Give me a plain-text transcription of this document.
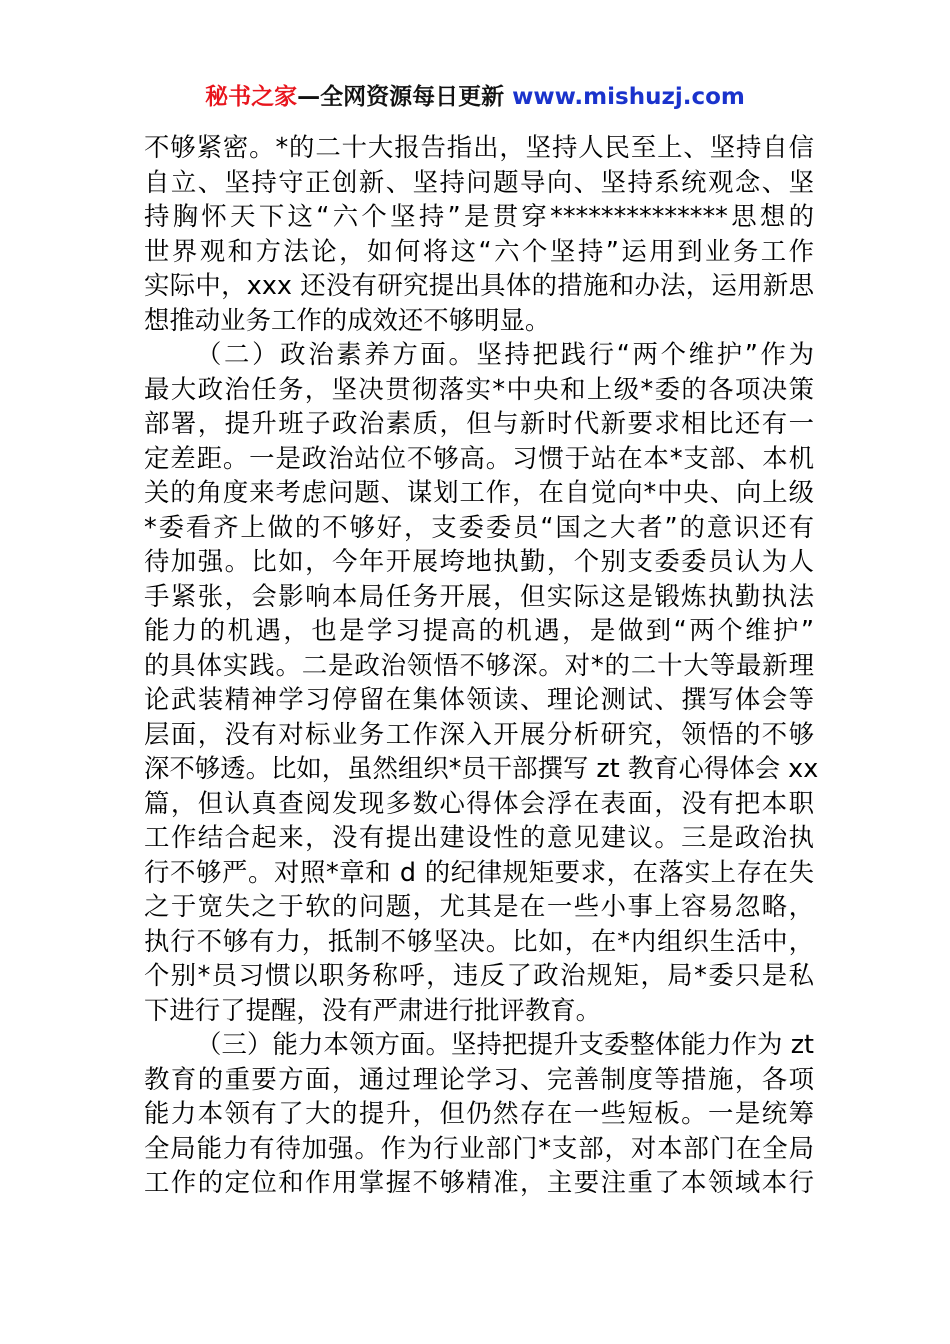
秘书之家—全网资源每日更新 www.mishuzj.com
不够紧密。*的二十大报告指出，坚持人民至上、坚持自信
自立、坚持守正创新、坚持问题导向、坚持系统观念、坚
持胸怀天下这“六个坚持”是贯穿**************思想的
世界观和方法论，如何将这“六个坚持”运用到业务工作
实际中，xxx 还没有研究提出具体的措施和办法，运用新思
想推动业务工作的成效还不够明显。
（二）政治素养方面。坚持把践行“两个维护”作为
最大政治任务，坚决贯彻落实*中央和上级*委的各项决策
部署，提升班子政治素质，但与新时代新要求相比还有一
定差距。一是政治站位不够高。习惯于站在本*支部、本机
关的角度来考虑问题、谋划工作，在自觉向*中央、向上级
*委看齐上做的不够好，支委委员“国之大者”的意识还有
待加强。比如，今年开展垮地执勤，个别支委委员认为人
手紧张，会影响本局任务开展，但实际这是锻炼执勤执法
能力的机遇，也是学习提高的机遇，是做到“两个维护”
的具体实践。二是政治领悟不够深。对*的二十大等最新理
论武装精神学习停留在集体领读、理论测试、撰写体会等
层面，没有对标业务工作深入开展分析研究，领悟的不够
深不够透。比如，虽然组织*员干部撰写 zt 教育心得体会 xx
篇，但认真查阅发现多数心得体会浮在表面，没有把本职
工作结合起来，没有提出建设性的意见建议。三是政治执
行不够严。对照*章和 d 的纪律规矩要求，在落实上存在失
之于宽失之于软的问题，尤其是在一些小事上容易忽略，
执行不够有力，抵制不够坚决。比如，在*内组织生活中，
个别*员习惯以职务称呼，违反了政治规矩，局*委只是私
下进行了提醒，没有严肃进行批评教育。
（三）能力本领方面。坚持把提升支委整体能力作为 zt
教育的重要方面，通过理论学习、完善制度等措施，各项
能力本领有了大的提升，但仍然存在一些短板。一是统筹
全局能力有待加强。作为行业部门*支部，对本部门在全局
工作的定位和作用掌握不够精准，主要注重了本领域本行
